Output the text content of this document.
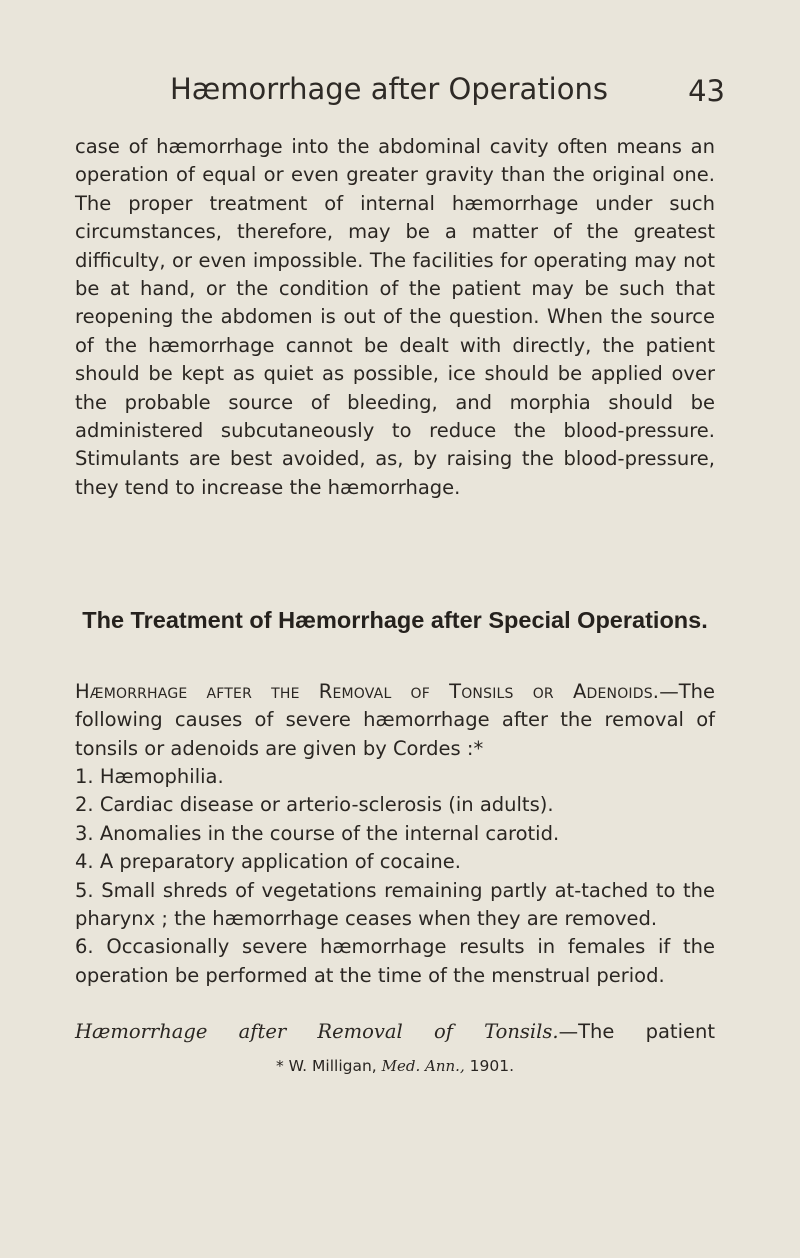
Hæmorrhage after Operations	43
case of hæmorrhage into the abdominal cavity often means an operation of equal or even greater gravity than the original one. The proper treatment of internal hæmorrhage under such circumstances, therefore, may be a matter of the greatest difficulty, or even impossible. The facilities for operating may not be at hand, or the condition of the patient may be such that reopening the abdomen is out of the question. When the source of the hæmorrhage cannot be dealt with directly, the patient should be kept as quiet as possible, ice should be applied over the probable source of bleeding, and morphia should be administered subcutaneously to reduce the blood-pressure. Stimulants are best avoided, as, by raising the blood-pressure, they tend to increase the hæmorrhage.
The Treatment of Hæmorrhage after Special Operations.
Hæmorrhage after the Removal of Tonsils or Adenoids.—The following causes of severe hæmorrhage after the removal of tonsils or adenoids are given by Cordes :*
1. Hæmophilia.
2. Cardiac disease or arterio-sclerosis (in adults).
3. Anomalies in the course of the internal carotid.
4. A preparatory application of cocaine.
5. Small shreds of vegetations remaining partly at-tached to the pharynx ; the hæmorrhage ceases when they are removed.
6. Occasionally severe hæmorrhage results in females if the operation be performed at the time of the menstrual period.
Hæmorrhage after Removal of Tonsils.—The patient
* W. Milligan, Med. Ann., 1901.
